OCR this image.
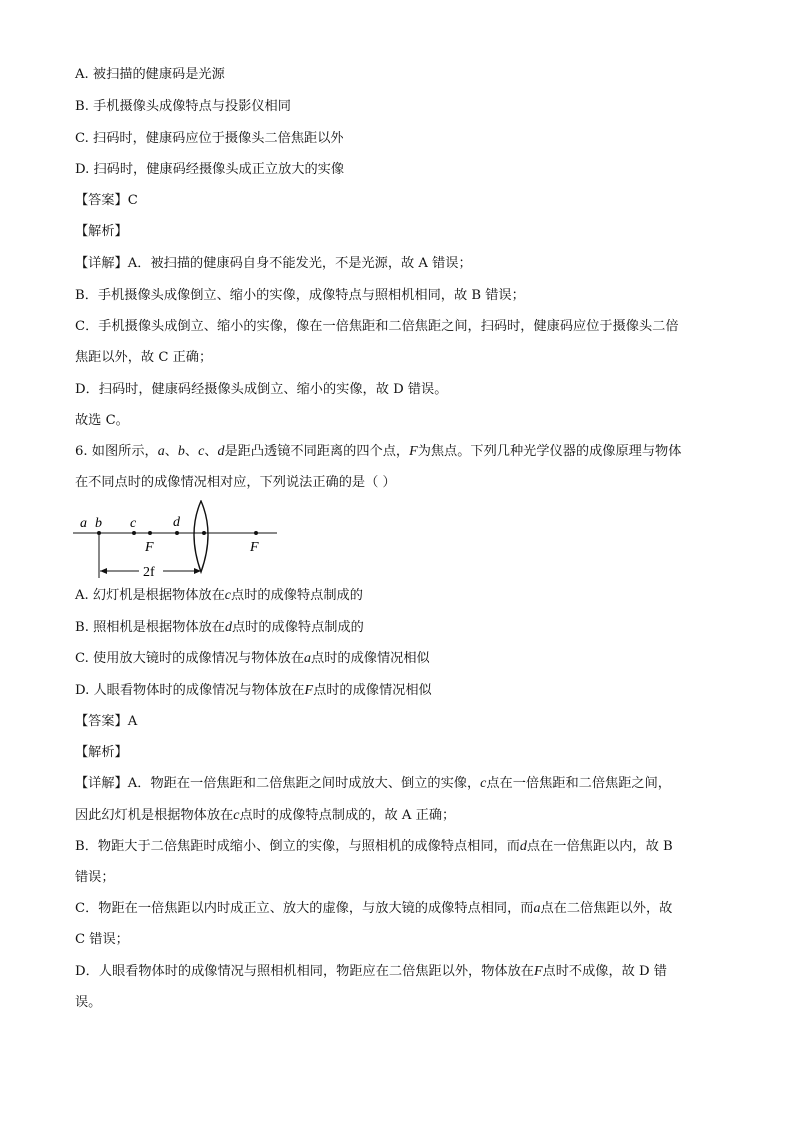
A. 被扫描的健康码是光源
B. 手机摄像头成像特点与投影仪相同
C. 扫码时，健康码应位于摄像头二倍焦距以外
D. 扫码时，健康码经摄像头成正立放大的实像
【答案】C
【解析】
【详解】A．被扫描的健康码自身不能发光，不是光源，故 A 错误；
B．手机摄像头成像倒立、缩小的实像，成像特点与照相机相同，故 B 错误；
C．手机摄像头成倒立、缩小的实像，像在一倍焦距和二倍焦距之间，扫码时，健康码应位于摄像头二倍
焦距以外，故 C 正确；
D．扫码时，健康码经摄像头成倒立、缩小的实像，故 D 错误。
故选 C。
6. 如图所示，a、b、c、d是距凸透镜不同距离的四个点，F为焦点。下列几种光学仪器的成像原理与物体
在不同点时的成像情况相对应，下列说法正确的是（ ）
a b c	d
F	F
2f
A. 幻灯机是根据物体放在c点时的成像特点制成的
B. 照相机是根据物体放在d点时的成像特点制成的
C. 使用放大镜时的成像情况与物体放在a点时的成像情况相似
D. 人眼看物体时的成像情况与物体放在F点时的成像情况相似
【答案】A
【解析】
【详解】A．物距在一倍焦距和二倍焦距之间时成放大、倒立的实像，c点在一倍焦距和二倍焦距之间，
因此幻灯机是根据物体放在c点时的成像特点制成的，故 A 正确；
B．物距大于二倍焦距时成缩小、倒立的实像，与照相机的成像特点相同，而d点在一倍焦距以内，故 B
错误；
C．物距在一倍焦距以内时成正立、放大的虚像，与放大镜的成像特点相同，而a点在二倍焦距以外，故
C 错误；
D．人眼看物体时的成像情况与照相机相同，物距应在二倍焦距以外，物体放在F点时不成像，故 D 错
误。
